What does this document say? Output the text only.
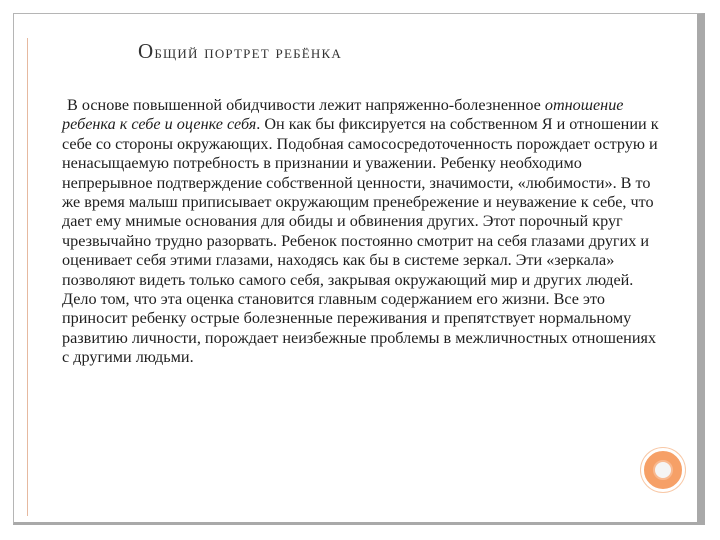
Общий портрет ребёнка

В основе повышенной обидчивости лежит напряженно-болезненное отношение ребенка к себе и оценке себя. Он как бы фиксируется на собственном Я и отношении к себе со стороны окружающих. Подобная самососредоточенность порождает острую и ненасыщаемую потребность в признании и уважении. Ребенку необходимо непрерывное подтверждение собственной ценности, значимости, «любимости». В то же время малыш приписывает окружающим пренебрежение и неуважение к себе, что дает ему мнимые основания для обиды и обвинения других. Этот порочный круг чрезвычайно трудно разорвать. Ребенок постоянно смотрит на себя глазами других и оценивает себя этими глазами, находясь как бы в системе зеркал. Эти «зеркала» позволяют видеть только самого себя, закрывая окружающий мир и других людей. Дело том, что эта оценка становится главным содержанием его жизни. Все это приносит ребенку острые болезненные переживания и препятствует нормальному развитию личности, порождает неизбежные проблемы в межличностных отношениях с другими людьми.
